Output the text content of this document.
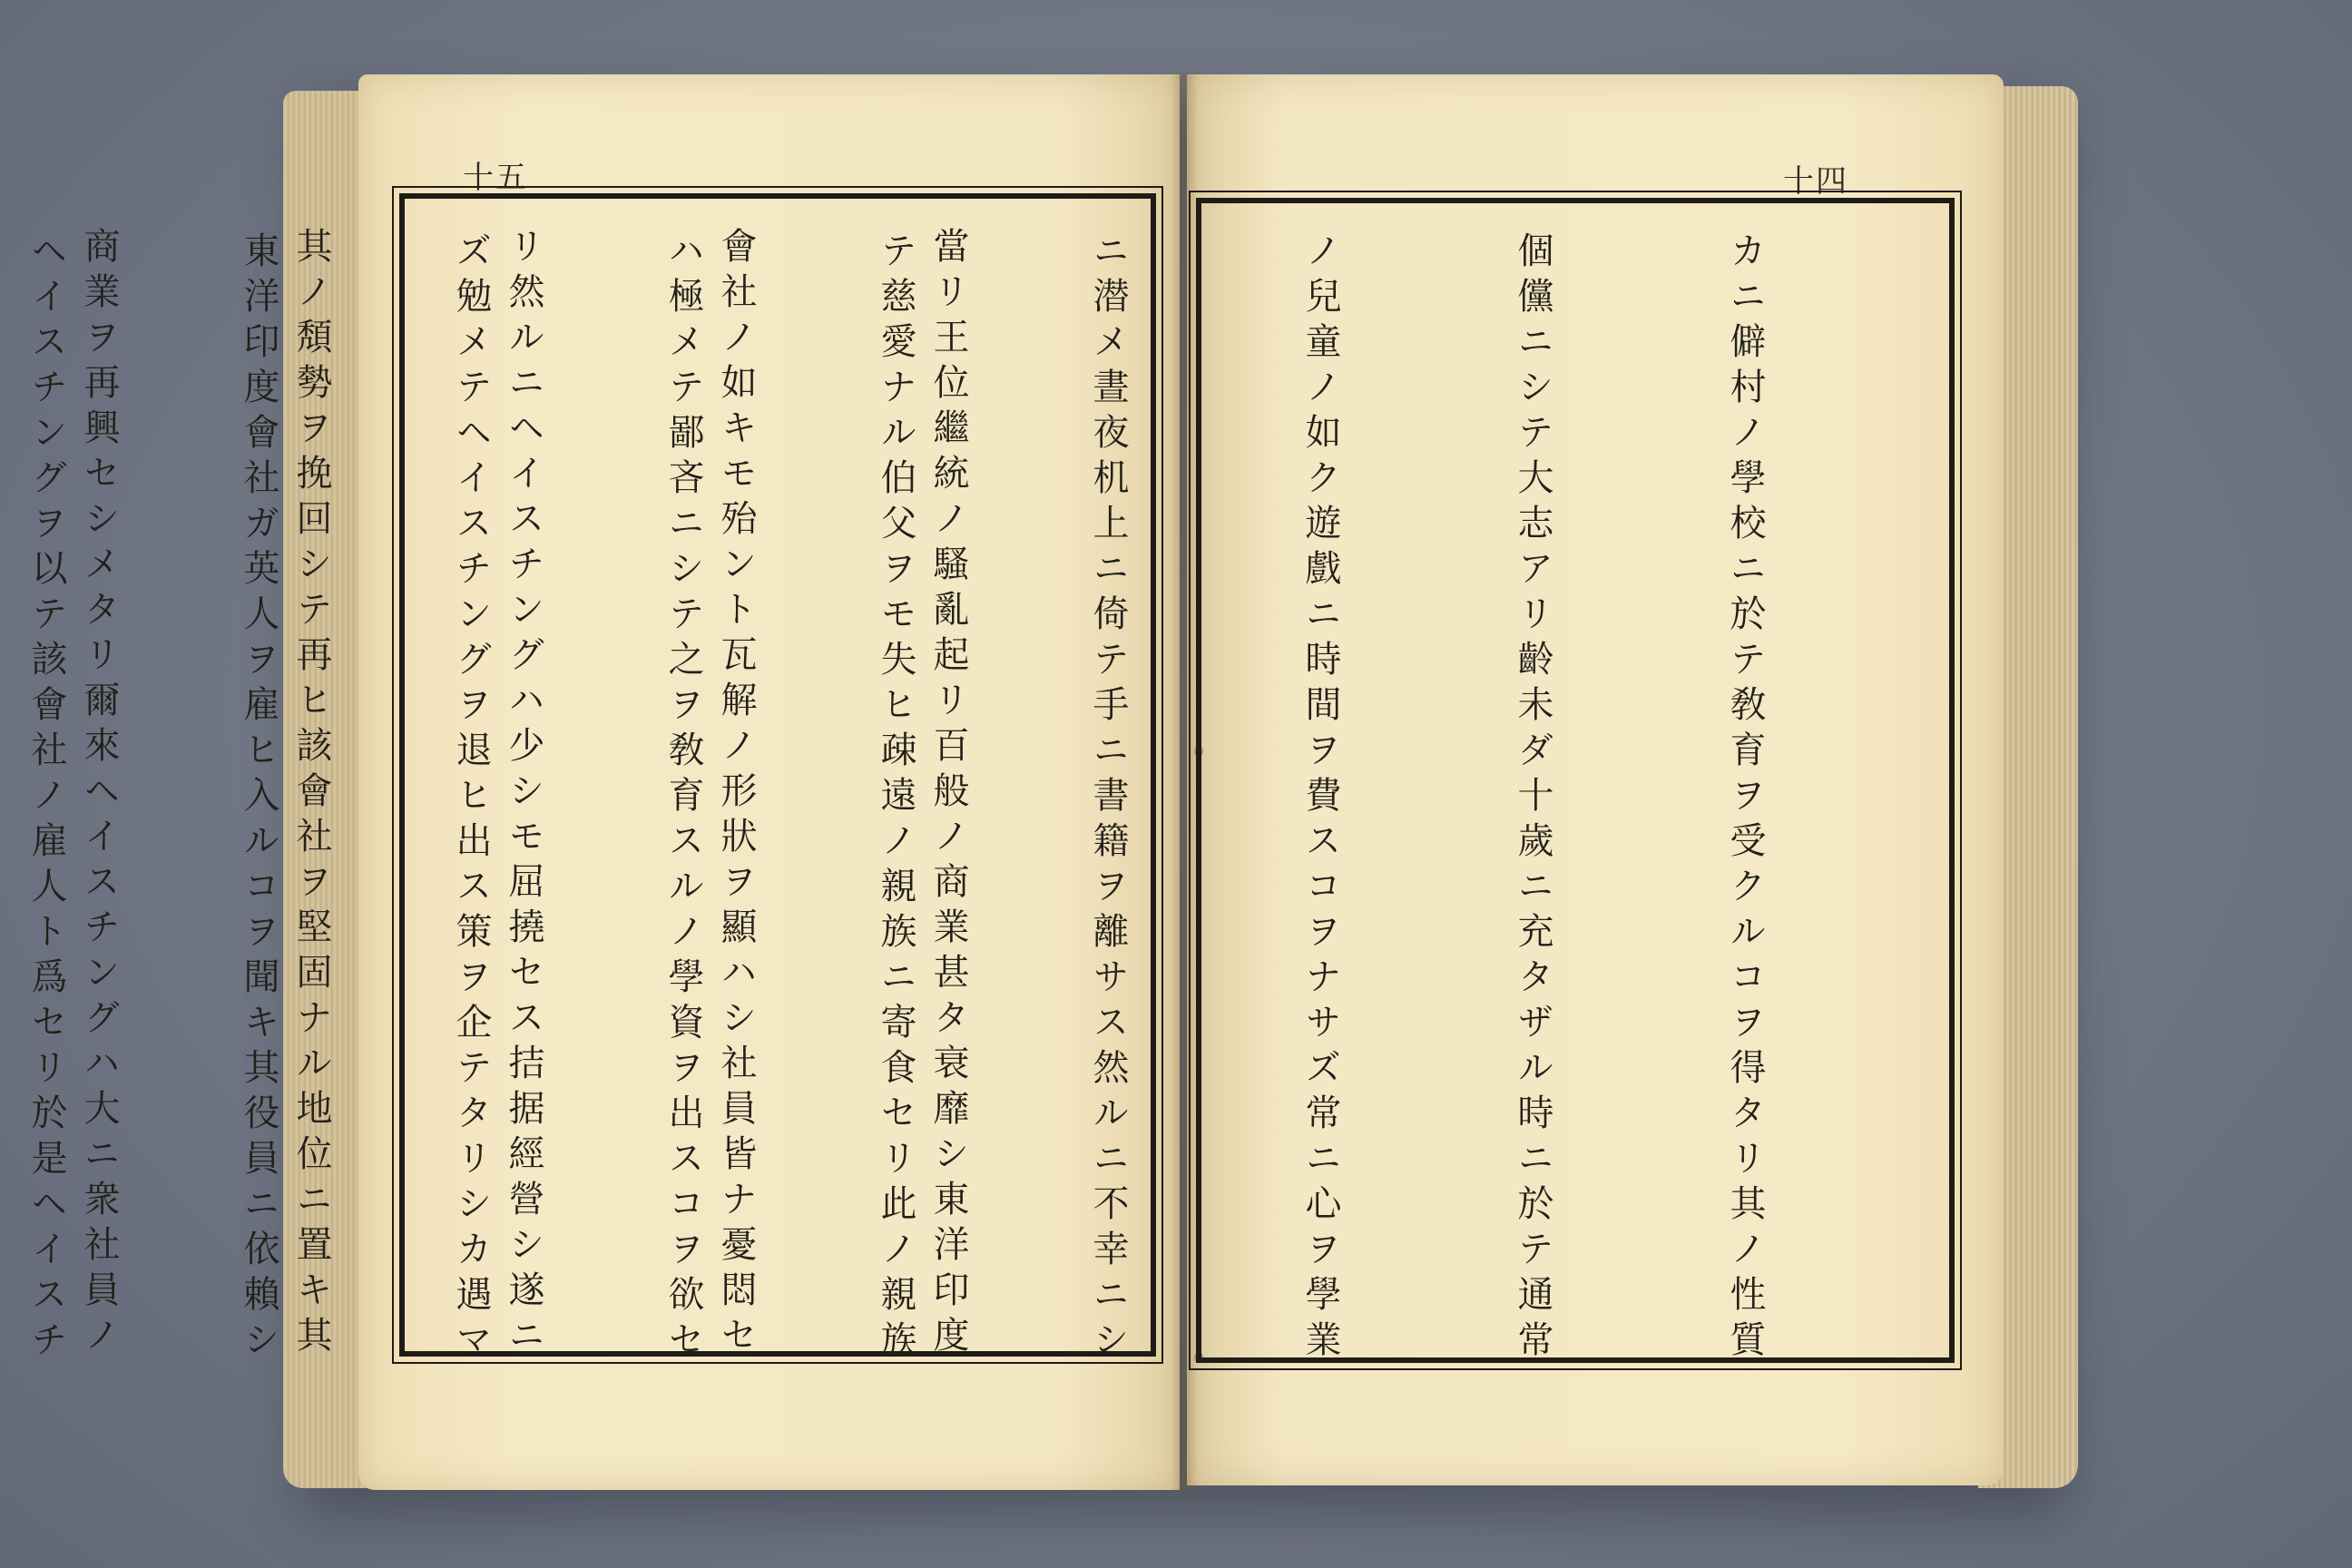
十五	十四

當リ王位繼統ノ騷亂起リ百般ノ商業甚タ衰靡シ東洋印度

會社ノ如キモ殆ント瓦解ノ形狀ヲ顯ハシ社員皆ナ憂悶セ

リ然ルニヘイスチングハ少シモ屈撓セス拮据經營シ遂ニ

其ノ頽勢ヲ挽回シテ再ヒ該會社ヲ堅固ナル地位ニ置キ其

商業ヲ再興セシメタリ爾來ヘイスチングハ大ニ衆社員ノ

	カニ僻村ノ學校ニ於テ敎育ヲ受クルコヲ得タリ其ノ性質

個儻ニシテ大志アリ齡未ダ十歲ニ充タザル時ニ於テ通常

ノ兒童ノ如ク遊戲ニ時間ヲ費スコヲナサズ常ニ心ヲ學業

ニ潜メ晝夜机上ニ倚テ手ニ書籍ヲ離サス然ルニ不幸ニシ

テ慈愛ナル伯父ヲモ失ヒ疎遠ノ親族ニ寄食セリ此ノ親族

ハ極メテ鄙吝ニシテ之ヲ敎育スルノ學資ヲ出スコヲ欲セ

ズ勉メテヘイスチングヲ退ヒ出ス策ヲ企テタリシカ遇マ

東洋印度會社ガ英人ヲ雇ヒ入ルコヲ聞キ其役員ニ依賴シ

ヘイスチングヲ以テ該會社ノ雇人ト爲セリ於是ヘイスチ
